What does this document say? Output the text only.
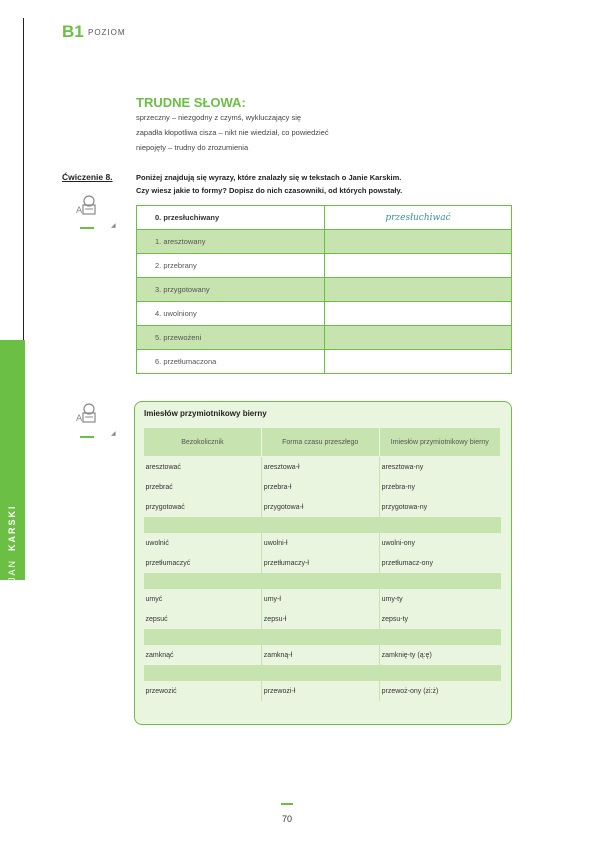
B1 POZIOM
JAN

KARSKI
TRUDNE SŁOWA:
sprzeczny – niezgodny z czymś, wykluczający się
zapadła kłopotliwa cisza – nikt nie wiedział, co powiedzieć
niepojęty – trudny do zrozumienia
Ćwiczenie 8.	Poniżej znajdują się wyrazy, które znalazły się w tekstach o Janie Karskim.
Czy wiesz jakie to formy? Dopisz do nich czasowniki, od których powstały.
A
◢
0. przesłuchiwany	przesłuchiwać
1. aresztowany	
2. przebrany	
3. przygotowany	
4. uwolniony	
5. przewożeni	
6. przetłumaczona	
A
◢
Imiesłów przymiotnikowy bierny
Bezokolicznik	Forma czasu przeszłego	Imiesłów przymiotnikowy bierny
aresztować	aresztowa-ł	aresztowa-ny
przebrać	przebra-ł	przebra-ny
przygotować	przygotowa-ł	przygotowa-ny

uwolnić	uwolni-ł	uwolni-ony
przetłumaczyć	przetłumaczy-ł	przetłumacz-ony

umyć	umy-ł	umy-ty
zepsuć	zepsu-ł	zepsu-ty

zamknąć	zamkną-ł	zamknię-ty (ą:ę)

przewozić	przewozi-ł	przewoż-ony (zi:ż)
70
